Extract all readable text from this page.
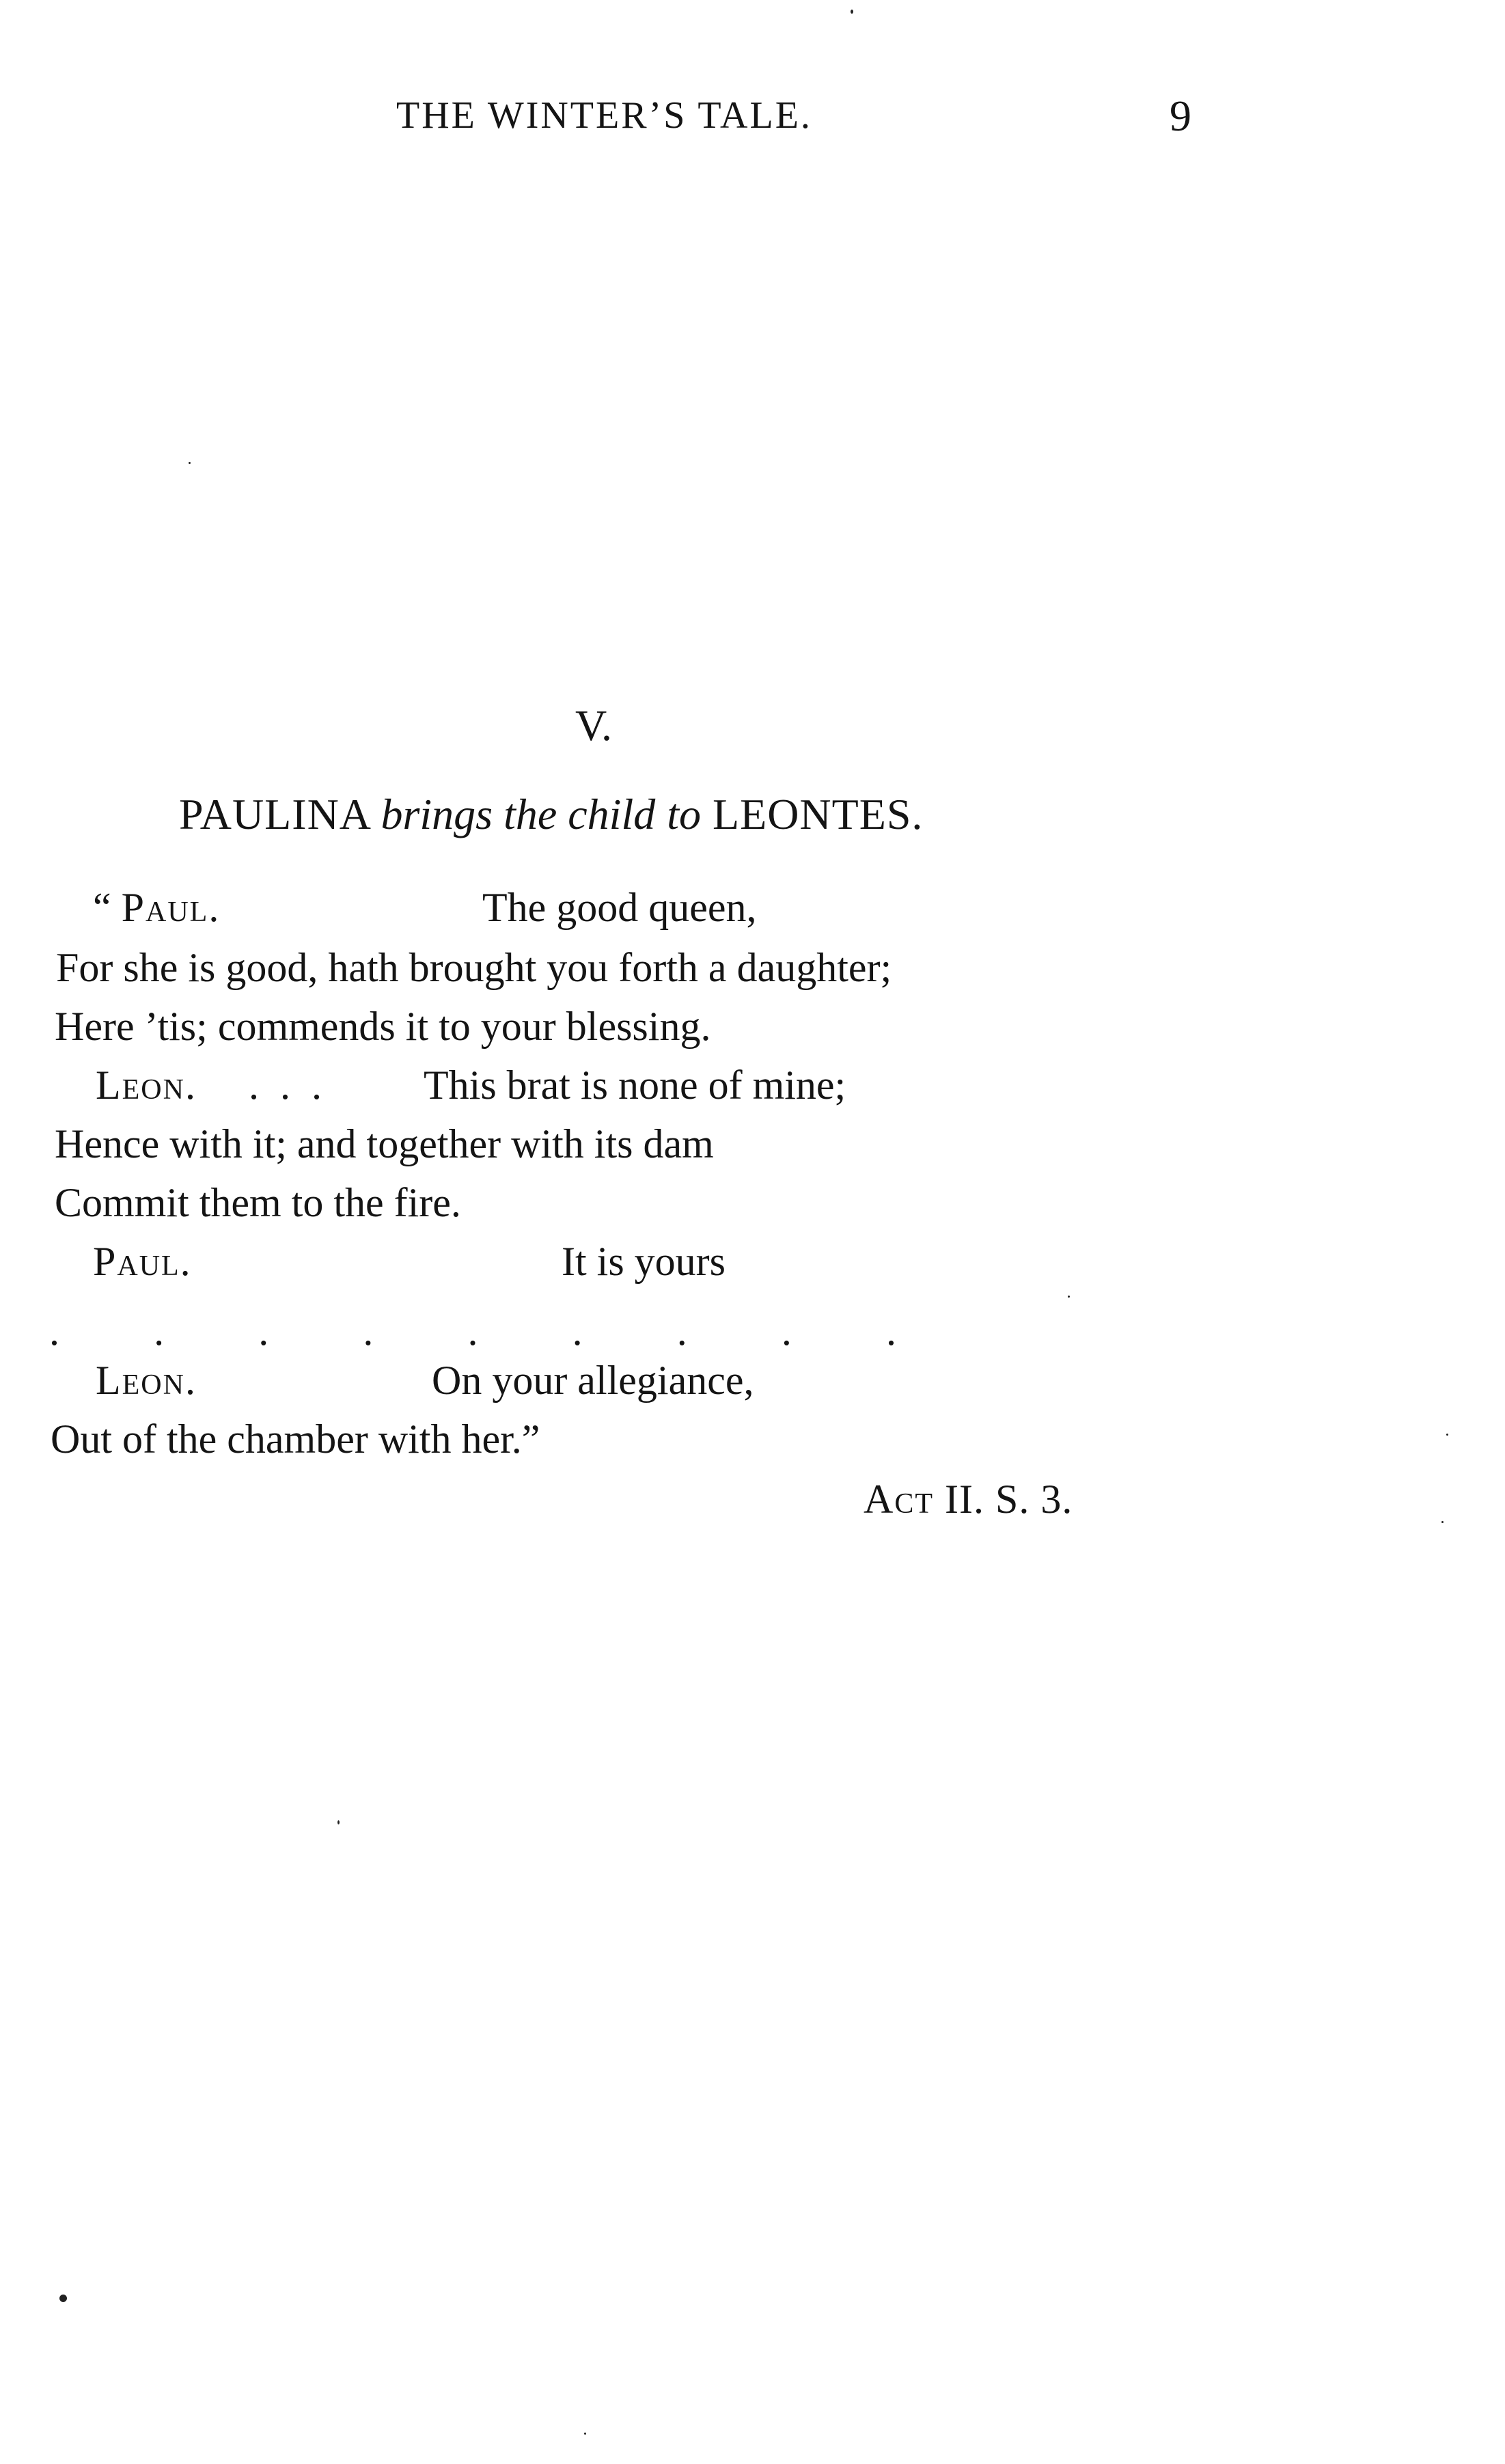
THE WINTER’S TALE.	9
V.
PAULINA brings the child to LEONTES.
“ Paul.	The good queen,
For she is good, hath brought you forth a daughter;
Here ’tis; commends it to your blessing.
Leon. . . . This brat is none of mine;
Hence with it; and together with its dam
Commit them to the fire.
Paul.	It is yours
. . . . . . . . .
Leon.	On your allegiance,
Out of the chamber with her.”
Act II. S. 3.
